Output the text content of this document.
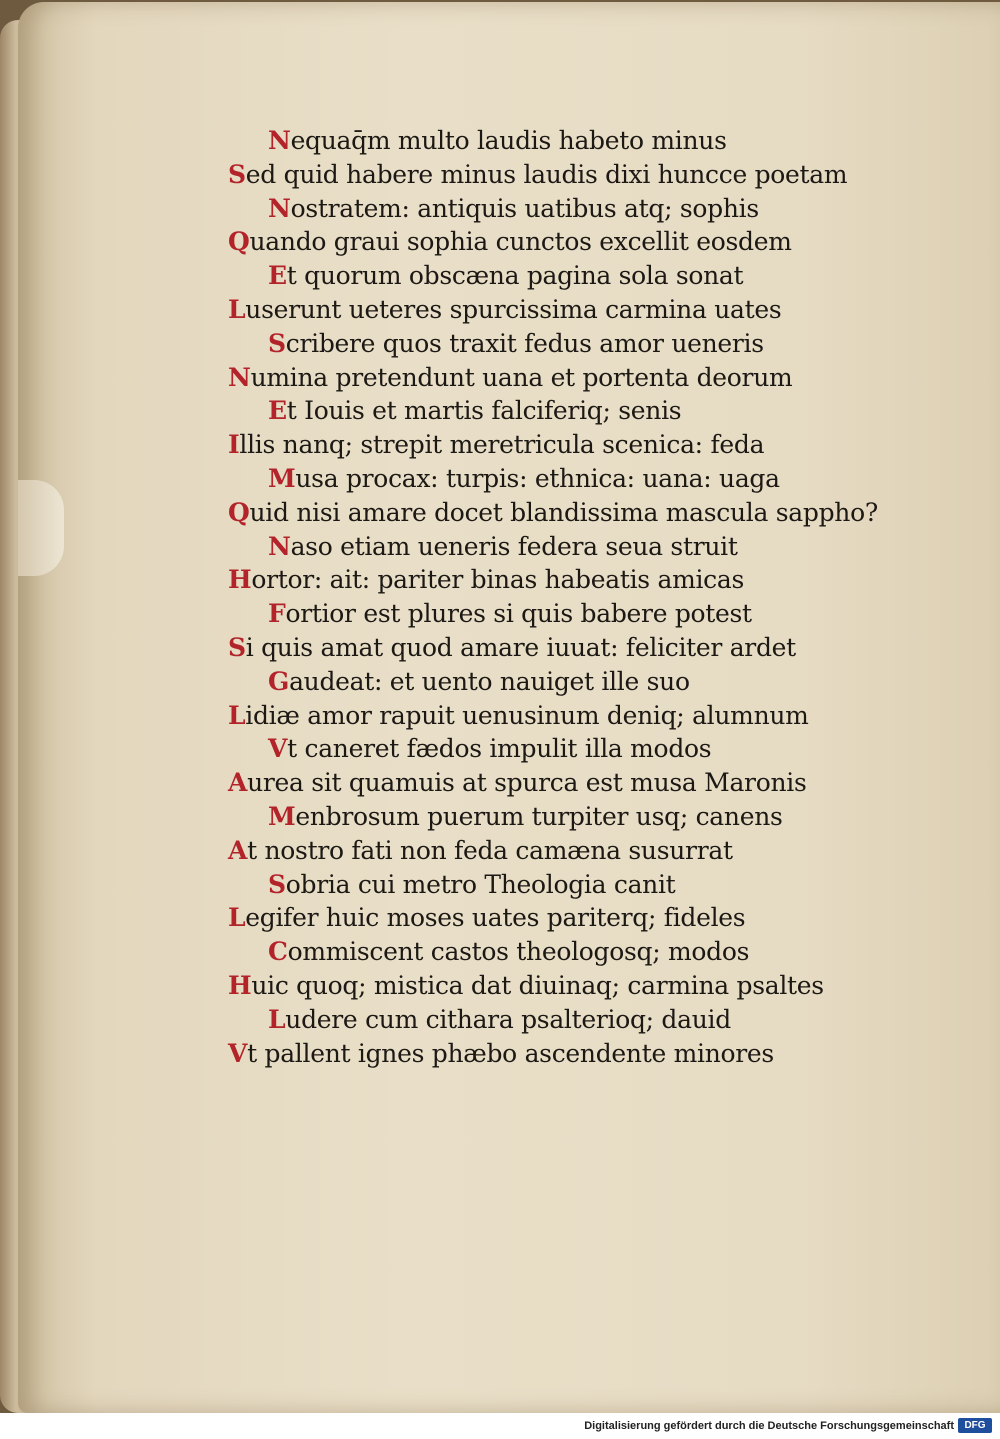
Nequaq̄m multo laudis habeto minus
Sed quid habere minus laudis dixi huncce poetam
Nostratem: antiquis uatibus atq; sophis
Quando graui sophia cunctos excellit eosdem
Et quorum obscæna pagina sola sonat
Luserunt ueteres spurcissima carmina uates
Scribere quos traxit fedus amor ueneris
Numina pretendunt uana et portenta deorum
Et Iouis et martis falciferiq; senis
Illis nanq; strepit meretricula scenica: feda
Musa procax: turpis: ethnica: uana: uaga
Quid nisi amare docet blandissima mascula sappho?
Naso etiam ueneris federa seua struit
Hortor: ait: pariter binas habeatis amicas
Fortior est plures si quis babere potest
Si quis amat quod amare iuuat: feliciter ardet
Gaudeat: et uento nauiget ille suo
Lidiæ amor rapuit uenusinum deniq; alumnum
Vt caneret fædos impulit illa modos
Aurea sit quamuis at spurca est musa Maronis
Menbrosum puerum turpiter usq; canens
At nostro fati non feda camæna susurrat
Sobria cui metro Theologia canit
Legifer huic moses uates pariterq; fideles
Commiscent castos theologosq; modos
Huic quoq; mistica dat diuinaq; carmina psaltes
Ludere cum cithara psalterioq; dauid
Vt pallent ignes phæbo ascendente minores
Digitalisierung gefördert durch die Deutsche Forschungsgemeinschaft	DFG
